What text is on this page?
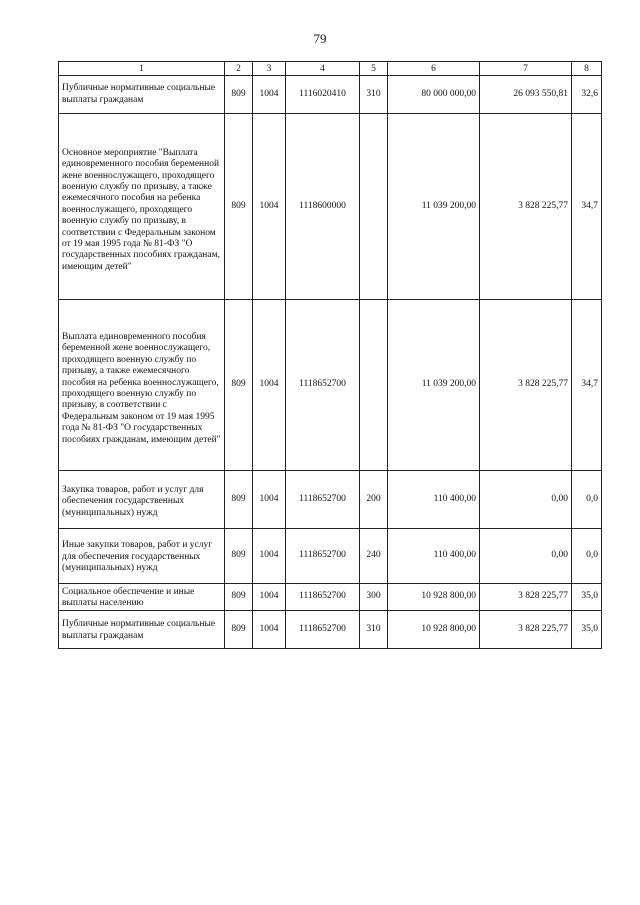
79
1	2	3	4	5	6	7	8
Публичные нормативные социальные выплаты гражданам	809	1004	1116020410	310	80 000 000,00	26 093 550,81	32,6
Основное мероприятие "Выплата единовременного пособия беременной жене военнослужащего, проходящего военную службу по призыву, а также ежемесячного пособия на ребенка военнослужащего, проходящего военную службу по призыву, в соответствии с Федеральным законом от 19 мая 1995 года № 81-ФЗ "О государственных пособиях гражданам, имеющим детей"	809	1004	1118600000		11 039 200,00	3 828 225,77	34,7
Выплата единовременного пособия беременной жене военнослужащего, проходящего военную службу по призыву, а также ежемесячного пособия на ребенка военнослужащего, проходящего военную службу по призыву, в соответствии с Федеральным законом от 19 мая 1995 года № 81-ФЗ "О государственных пособиях гражданам, имеющим детей"	809	1004	1118652700		11 039 200,00	3 828 225,77	34,7
Закупка товаров, работ и услуг для обеспечения государственных (муниципальных) нужд	809	1004	1118652700	200	110 400,00	0,00	0,0
Иные закупки товаров, работ и услуг для обеспечения государственных (муниципальных) нужд	809	1004	1118652700	240	110 400,00	0,00	0,0
Социальное обеспечение и иные выплаты населению	809	1004	1118652700	300	10 928 800,00	3 828 225,77	35,0
Публичные нормативные социальные выплаты гражданам	809	1004	1118652700	310	10 928 800,00	3 828 225,77	35,0
